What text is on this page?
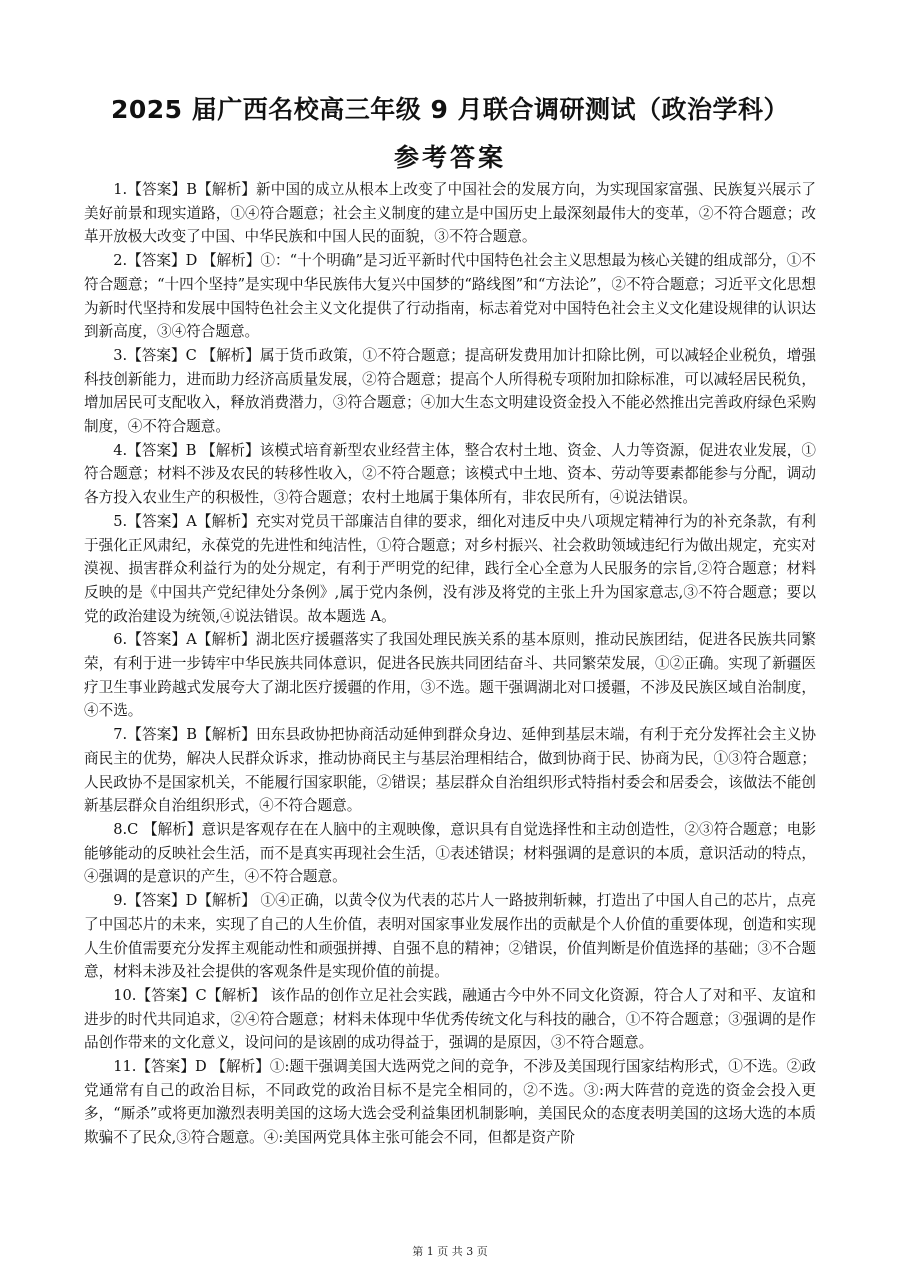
2025 届广西名校高三年级 9 月联合调研测试（政治学科）
参考答案

1.【答案】B【解析】新中国的成立从根本上改变了中国社会的发展方向，为实现国家富强、民族复兴展示了美好前景和现实道路，①④符合题意；社会主义制度的建立是中国历史上最深刻最伟大的变革，②不符合题意；改革开放极大改变了中国、中华民族和中国人民的面貌，③不符合题意。

2.【答案】D 【解析】①：“十个明确”是习近平新时代中国特色社会主义思想最为核心关键的组成部分，①不符合题意；“十四个坚持”是实现中华民族伟大复兴中国梦的“路线图”和“方法论”，②不符合题意；习近平文化思想为新时代坚持和发展中国特色社会主义文化提供了行动指南，标志着党对中国特色社会主义文化建设规律的认识达到新高度，③④符合题意。

3.【答案】C 【解析】属于货币政策，①不符合题意；提高研发费用加计扣除比例，可以减轻企业税负，增强科技创新能力，进而助力经济高质量发展，②符合题意；提高个人所得税专项附加扣除标准，可以减轻居民税负，增加居民可支配收入，释放消费潜力，③符合题意；④加大生态文明建设资金投入不能必然推出完善政府绿色采购制度，④不符合题意。

4.【答案】B 【解析】该模式培育新型农业经营主体，整合农村土地、资金、人力等资源，促进农业发展，①符合题意；材料不涉及农民的转移性收入，②不符合题意；该模式中土地、资本、劳动等要素都能参与分配，调动各方投入农业生产的积极性，③符合题意；农村土地属于集体所有，非农民所有，④说法错误。

5.【答案】A【解析】充实对党员干部廉洁自律的要求，细化对违反中央八项规定精神行为的补充条款，有利于强化正风肃纪，永葆党的先进性和纯洁性，①符合题意；对乡村振兴、社会救助领域违纪行为做出规定，充实对漠视、损害群众利益行为的处分规定，有利于严明党的纪律，践行全心全意为人民服务的宗旨,②符合题意；材料反映的是《中国共产党纪律处分条例》,属于党内条例，没有涉及将党的主张上升为国家意志,③不符合题意；要以党的政治建设为统领,④说法错误。故本题选 A。

6.【答案】A【解析】湖北医疗援疆落实了我国处理民族关系的基本原则，推动民族团结，促进各民族共同繁荣，有利于进一步铸牢中华民族共同体意识，促进各民族共同团结奋斗、共同繁荣发展，①②正确。实现了新疆医疗卫生事业跨越式发展夸大了湖北医疗援疆的作用，③不选。题干强调湖北对口援疆，不涉及民族区域自治制度，④不选。

7.【答案】B【解析】田东县政协把协商活动延伸到群众身边、延伸到基层末端，有利于充分发挥社会主义协商民主的优势，解决人民群众诉求，推动协商民主与基层治理相结合，做到协商于民、协商为民，①③符合题意；人民政协不是国家机关，不能履行国家职能，②错误；基层群众自治组织形式特指村委会和居委会，该做法不能创新基层群众自治组织形式，④不符合题意。

8.C 【解析】意识是客观存在在人脑中的主观映像，意识具有自觉选择性和主动创造性，②③符合题意；电影能够能动的反映社会生活，而不是真实再现社会生活，①表述错误；材料强调的是意识的本质，意识活动的特点，④强调的是意识的产生，④不符合题意。

9.【答案】D【解析】 ①④正确，以黄令仪为代表的芯片人一路披荆斩棘，打造出了中国人自己的芯片，点亮了中国芯片的未来，实现了自己的人生价值，表明对国家事业发展作出的贡献是个人价值的重要体现，创造和实现人生价值需要充分发挥主观能动性和顽强拼搏、自强不息的精神；②错误，价值判断是价值选择的基础；③不合题意，材料未涉及社会提供的客观条件是实现价值的前提。

10.【答案】C【解析】 该作品的创作立足社会实践，融通古今中外不同文化资源，符合人了对和平、友谊和进步的时代共同追求，②④符合题意；材料未体现中华优秀传统文化与科技的融合，①不符合题意；③强调的是作品创作带来的文化意义，设问问的是该剧的成功得益于，强调的是原因，③不符合题意。

11.【答案】D 【解析】①:题干强调美国大选两党之间的竞争，不涉及美国现行国家结构形式，①不选。②政党通常有自己的政治目标，不同政党的政治目标不是完全相同的，②不选。③:两大阵营的竞选的资金会投入更多，“厮杀”或将更加激烈表明美国的这场大选会受利益集团机制影响，美国民众的态度表明美国的这场大选的本质欺骗不了民众,③符合题意。④:美国两党具体主张可能会不同，但都是资产阶

第 1 页 共 3 页
